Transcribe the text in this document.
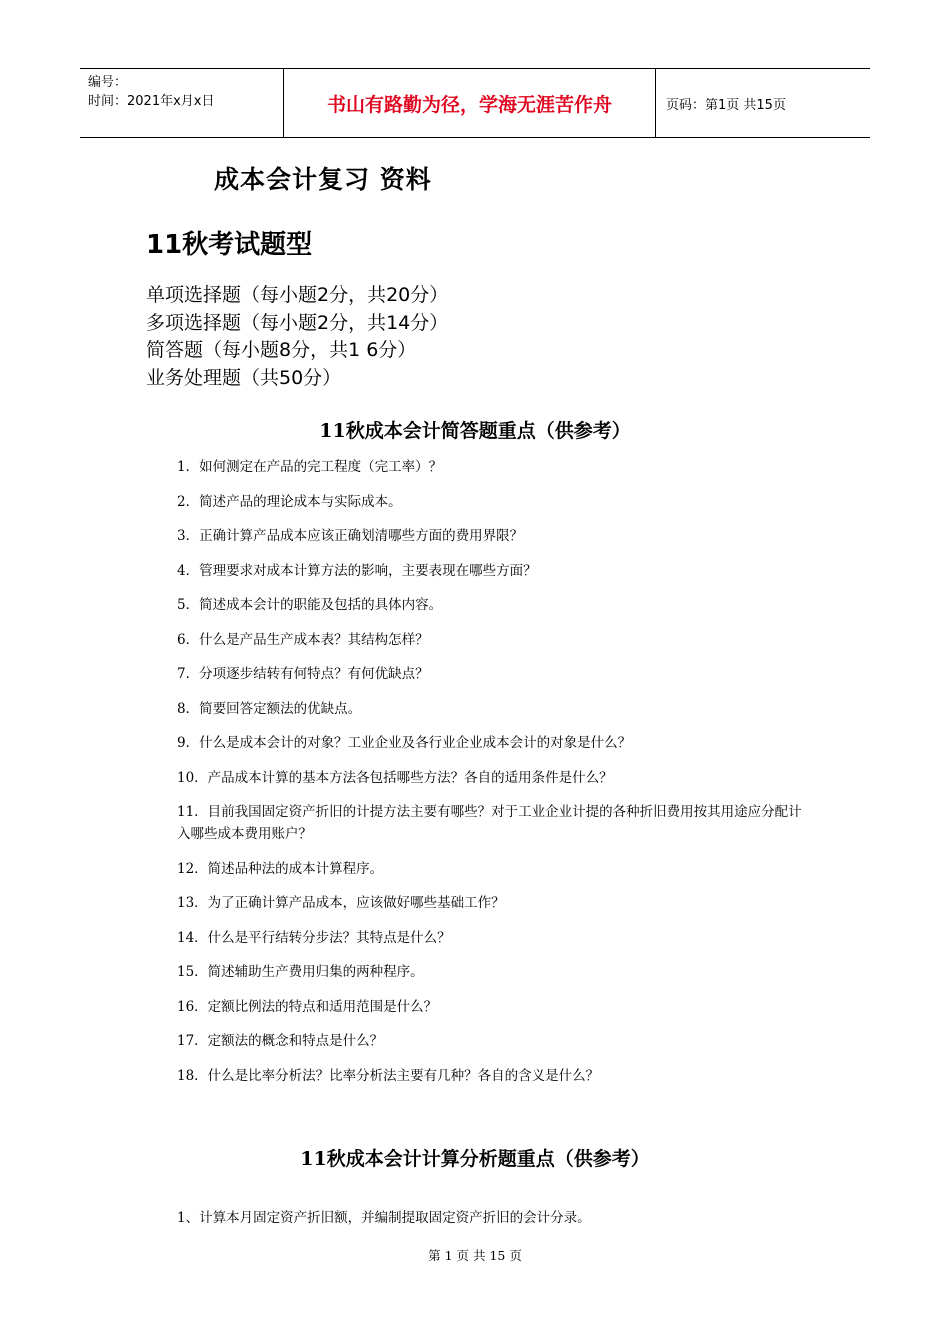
编号：
时间：2021年x月x日	书山有路勤为径，学海无涯苦作舟	页码：第1页 共15页
成本会计复习 资料
11秋考试题型
单项选择题（每小题2分，共20分）
多项选择题（每小题2分，共14分）
简答题（每小题8分，共1 6分）
业务处理题（共50分）
11秋成本会计简答题重点（供参考）
1．如何测定在产品的完工程度（完工率）？
2．简述产品的理论成本与实际成本。
3．正确计算产品成本应该正确划清哪些方面的费用界限？
4．管理要求对成本计算方法的影响，主要表现在哪些方面？
5．简述成本会计的职能及包括的具体内容。
6．什么是产品生产成本表？其结构怎样？
7．分项逐步结转有何特点？有何优缺点？
8．简要回答定额法的优缺点。
9．什么是成本会计的对象？工业企业及各行业企业成本会计的对象是什么？
10．产品成本计算的基本方法各包括哪些方法？各自的适用条件是什么？
11．目前我国固定资产折旧的计提方法主要有哪些？对于工业企业计提的各种折旧费用按其用途应分配计入哪些成本费用账户？
12．简述品种法的成本计算程序。
13．为了正确计算产品成本，应该做好哪些基础工作？
14．什么是平行结转分步法？其特点是什么？
15．简述辅助生产费用归集的两种程序。
16．定额比例法的特点和适用范围是什么？
17．定额法的概念和特点是什么？
18．什么是比率分析法？比率分析法主要有几种？各自的含义是什么？
11秋成本会计计算分析题重点（供参考）
1、计算本月固定资产折旧额，并编制提取固定资产折旧的会计分录。
第 1 页 共 15 页
